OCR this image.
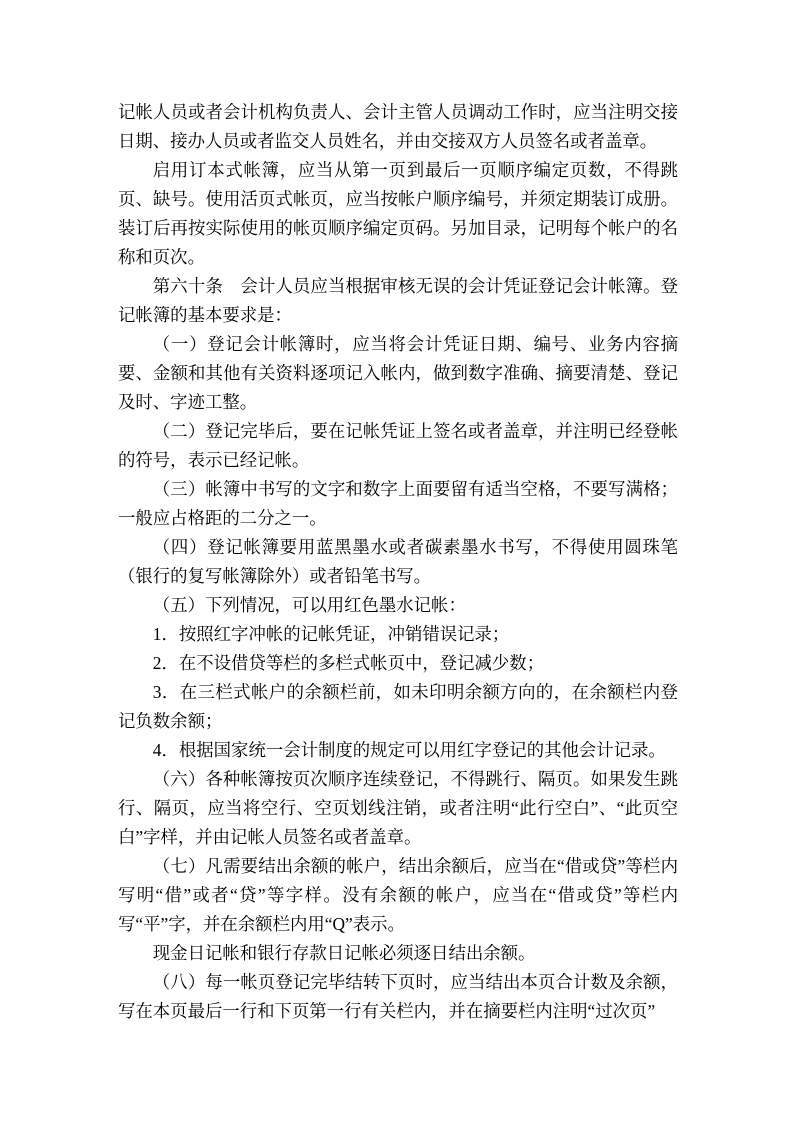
记帐人员或者会计机构负责人、会计主管人员调动工作时，应当注明交接日期、接办人员或者监交人员姓名，并由交接双方人员签名或者盖章。

启用订本式帐簿，应当从第一页到最后一页顺序编定页数，不得跳页、缺号。使用活页式帐页，应当按帐户顺序编号，并须定期装订成册。装订后再按实际使用的帐页顺序编定页码。另加目录，记明每个帐户的名称和页次。

第六十条　会计人员应当根据审核无误的会计凭证登记会计帐簿。登记帐簿的基本要求是：

（一）登记会计帐簿时，应当将会计凭证日期、编号、业务内容摘要、金额和其他有关资料逐项记入帐内，做到数字准确、摘要清楚、登记及时、字迹工整。

（二）登记完毕后，要在记帐凭证上签名或者盖章，并注明已经登帐的符号，表示已经记帐。

（三）帐簿中书写的文字和数字上面要留有适当空格，不要写满格；一般应占格距的二分之一。

（四）登记帐簿要用蓝黑墨水或者碳素墨水书写，不得使用圆珠笔（银行的复写帐簿除外）或者铅笔书写。

（五）下列情况，可以用红色墨水记帐：

1．按照红字冲帐的记帐凭证，冲销错误记录；

2．在不设借贷等栏的多栏式帐页中，登记减少数；

3．在三栏式帐户的余额栏前，如未印明余额方向的，在余额栏内登记负数余额；

4．根据国家统一会计制度的规定可以用红字登记的其他会计记录。

（六）各种帐簿按页次顺序连续登记，不得跳行、隔页。如果发生跳行、隔页，应当将空行、空页划线注销，或者注明“此行空白”、“此页空白”字样，并由记帐人员签名或者盖章。

（七）凡需要结出余额的帐户，结出余额后，应当在“借或贷”等栏内写明“借”或者“贷”等字样。没有余额的帐户，应当在“借或贷”等栏内写“平”字，并在余额栏内用“Q”表示。

现金日记帐和银行存款日记帐必须逐日结出余额。

（八）每一帐页登记完毕结转下页时，应当结出本页合计数及余额，写在本页最后一行和下页第一行有关栏内，并在摘要栏内注明“过次页”
